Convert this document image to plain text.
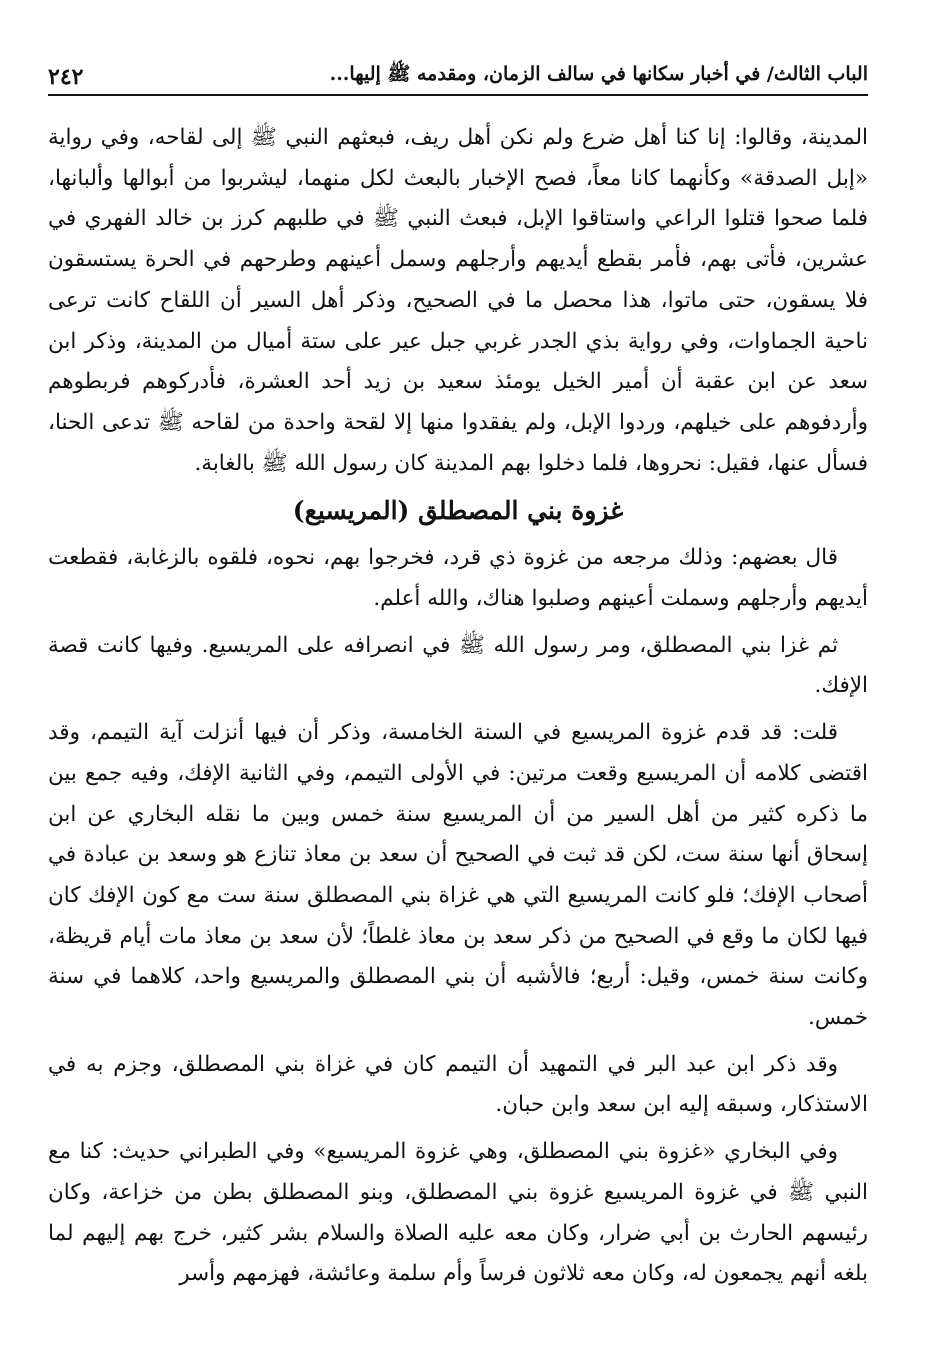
الباب الثالث/ في أخبار سكانها في سالف الزمان، ومقدمه ﷺ إليها...
٢٤٢

المدينة، وقالوا: إنا كنا أهل ضرع ولم نكن أهل ريف، فبعثهم النبي ﷺ إلى لقاحه، وفي رواية «إبل الصدقة» وكأنهما كانا معاً، فصح الإخبار بالبعث لكل منهما، ليشربوا من أبوالها وألبانها، فلما صحوا قتلوا الراعي واستاقوا الإبل، فبعث النبي ﷺ في طلبهم كرز بن خالد الفهري في عشرين، فأتى بهم، فأمر بقطع أيديهم وأرجلهم وسمل أعينهم وطرحهم في الحرة يستسقون فلا يسقون، حتى ماتوا، هذا محصل ما في الصحيح، وذكر أهل السير أن اللقاح كانت ترعى ناحية الجماوات، وفي رواية بذي الجدر غربي جبل عير على ستة أميال من المدينة، وذكر ابن سعد عن ابن عقبة أن أمير الخيل يومئذ سعيد بن زيد أحد العشرة، فأدركوهم فربطوهم وأردفوهم على خيلهم، وردوا الإبل، ولم يفقدوا منها إلا لقحة واحدة من لقاحه ﷺ تدعى الحنا، فسأل عنها، فقيل: نحروها، فلما دخلوا بهم المدينة كان رسول الله ﷺ بالغابة.

غزوة بني المصطلق (المريسيع)

قال بعضهم: وذلك مرجعه من غزوة ذي قرد، فخرجوا بهم، نحوه، فلقوه بالزغابة، فقطعت أيديهم وأرجلهم وسملت أعينهم وصلبوا هناك، والله أعلم.

ثم غزا بني المصطلق، ومر رسول الله ﷺ في انصرافه على المريسيع. وفيها كانت قصة الإفك.

قلت: قد قدم غزوة المريسيع في السنة الخامسة، وذكر أن فيها أنزلت آية التيمم، وقد اقتضى كلامه أن المريسيع وقعت مرتين: في الأولى التيمم، وفي الثانية الإفك، وفيه جمع بين ما ذكره كثير من أهل السير من أن المريسيع سنة خمس وبين ما نقله البخاري عن ابن إسحاق أنها سنة ست، لكن قد ثبت في الصحيح أن سعد بن معاذ تنازع هو وسعد بن عبادة في أصحاب الإفك؛ فلو كانت المريسيع التي هي غزاة بني المصطلق سنة ست مع كون الإفك كان فيها لكان ما وقع في الصحيح من ذكر سعد بن معاذ غلطاً؛ لأن سعد بن معاذ مات أيام قريظة، وكانت سنة خمس، وقيل: أربع؛ فالأشبه أن بني المصطلق والمريسيع واحد، كلاهما في سنة خمس.

وقد ذكر ابن عبد البر في التمهيد أن التيمم كان في غزاة بني المصطلق، وجزم به في الاستذكار، وسبقه إليه ابن سعد وابن حبان.

وفي البخاري «غزوة بني المصطلق، وهي غزوة المريسيع» وفي الطبراني حديث: كنا مع النبي ﷺ في غزوة المريسيع غزوة بني المصطلق، وبنو المصطلق بطن من خزاعة، وكان رئيسهم الحارث بن أبي ضرار، وكان معه عليه الصلاة والسلام بشر كثير، خرج بهم إليهم لما بلغه أنهم يجمعون له، وكان معه ثلاثون فرساً وأم سلمة وعائشة، فهزمهم وأسر
